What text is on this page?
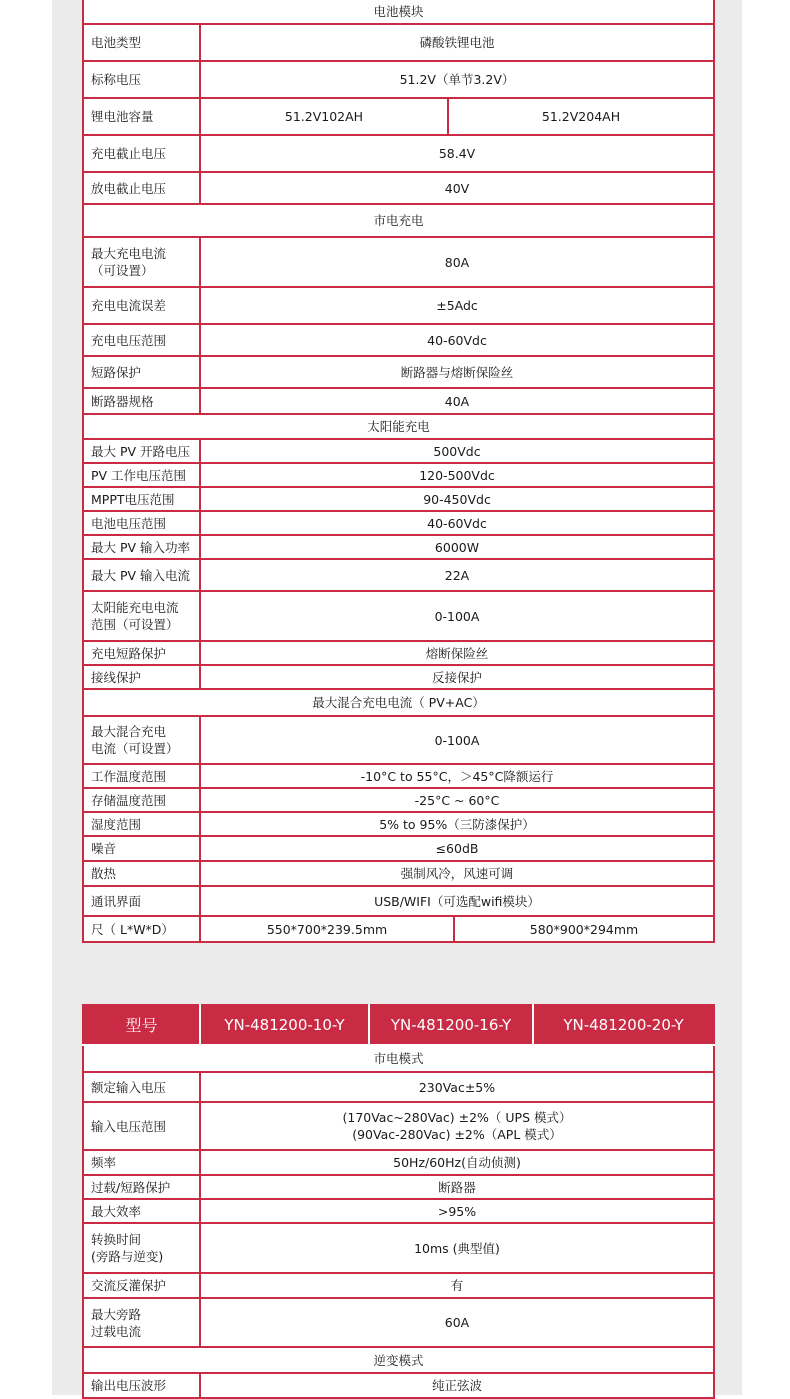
电池模块			
电池类型	磷酸铁锂电池		
标称电压	51.2V（单节3.2V）		
锂电池容量	51.2V102AH	51.2V204AH	
充电截止电压	58.4V		
放电截止电压	40V		
市电充电			

最大充电电流
（可设置）	80A		
充电电流误差	±5Adc		
充电电压范围	40-60Vdc		
短路保护	断路器与熔断保险丝		
断路器规格	40A		
太阳能充电			
最大 PV 开路电压	500Vdc		
PV 工作电压范围	120-500Vdc		
MPPT电压范围	90-450Vdc		
电池电压范围	40-60Vdc		
最大 PV 输入功率	6000W		
最大 PV 输入电流	22A		

太阳能充电电流
范围（可设置）	0-100A		
充电短路保护	熔断保险丝		
接线保护	反接保护		
最大混合充电电流（ PV+AC）			

最大混合充电
电流（可设置）	0-100A		
工作温度范围	-10°C to 55°C，＞45°C降额运行		
存储温度范围	-25°C ~ 60°C		
湿度范围	5% to 95%（三防漆保护）		
噪音	≤60dB		
散热	强制风冷，风速可调		
通讯界面	USB/WIFI（可选配wifi模块）		
尺（ L*W*D）	550*700*239.5mm		580*900*294mm
型号	YN-481200-10-Y	YN-481200-16-Y	YN-481200-20-Y
市电模式			
额定输入电压	230Vac±5%		
输入电压范围	(170Vac~280Vac) ±2%（ UPS 模式）
(90Vac-280Vac) ±2%（APL 模式）		

频率	50Hz/60Hz(自动侦测)		
过载/短路保护	断路器		
最大效率	>95%		

转换时间
(旁路与逆变)	10ms (典型值)		
交流反灌保护	有		

最大旁路
过载电流	60A		
逆变模式			
输出电压波形	纯正弦波		
